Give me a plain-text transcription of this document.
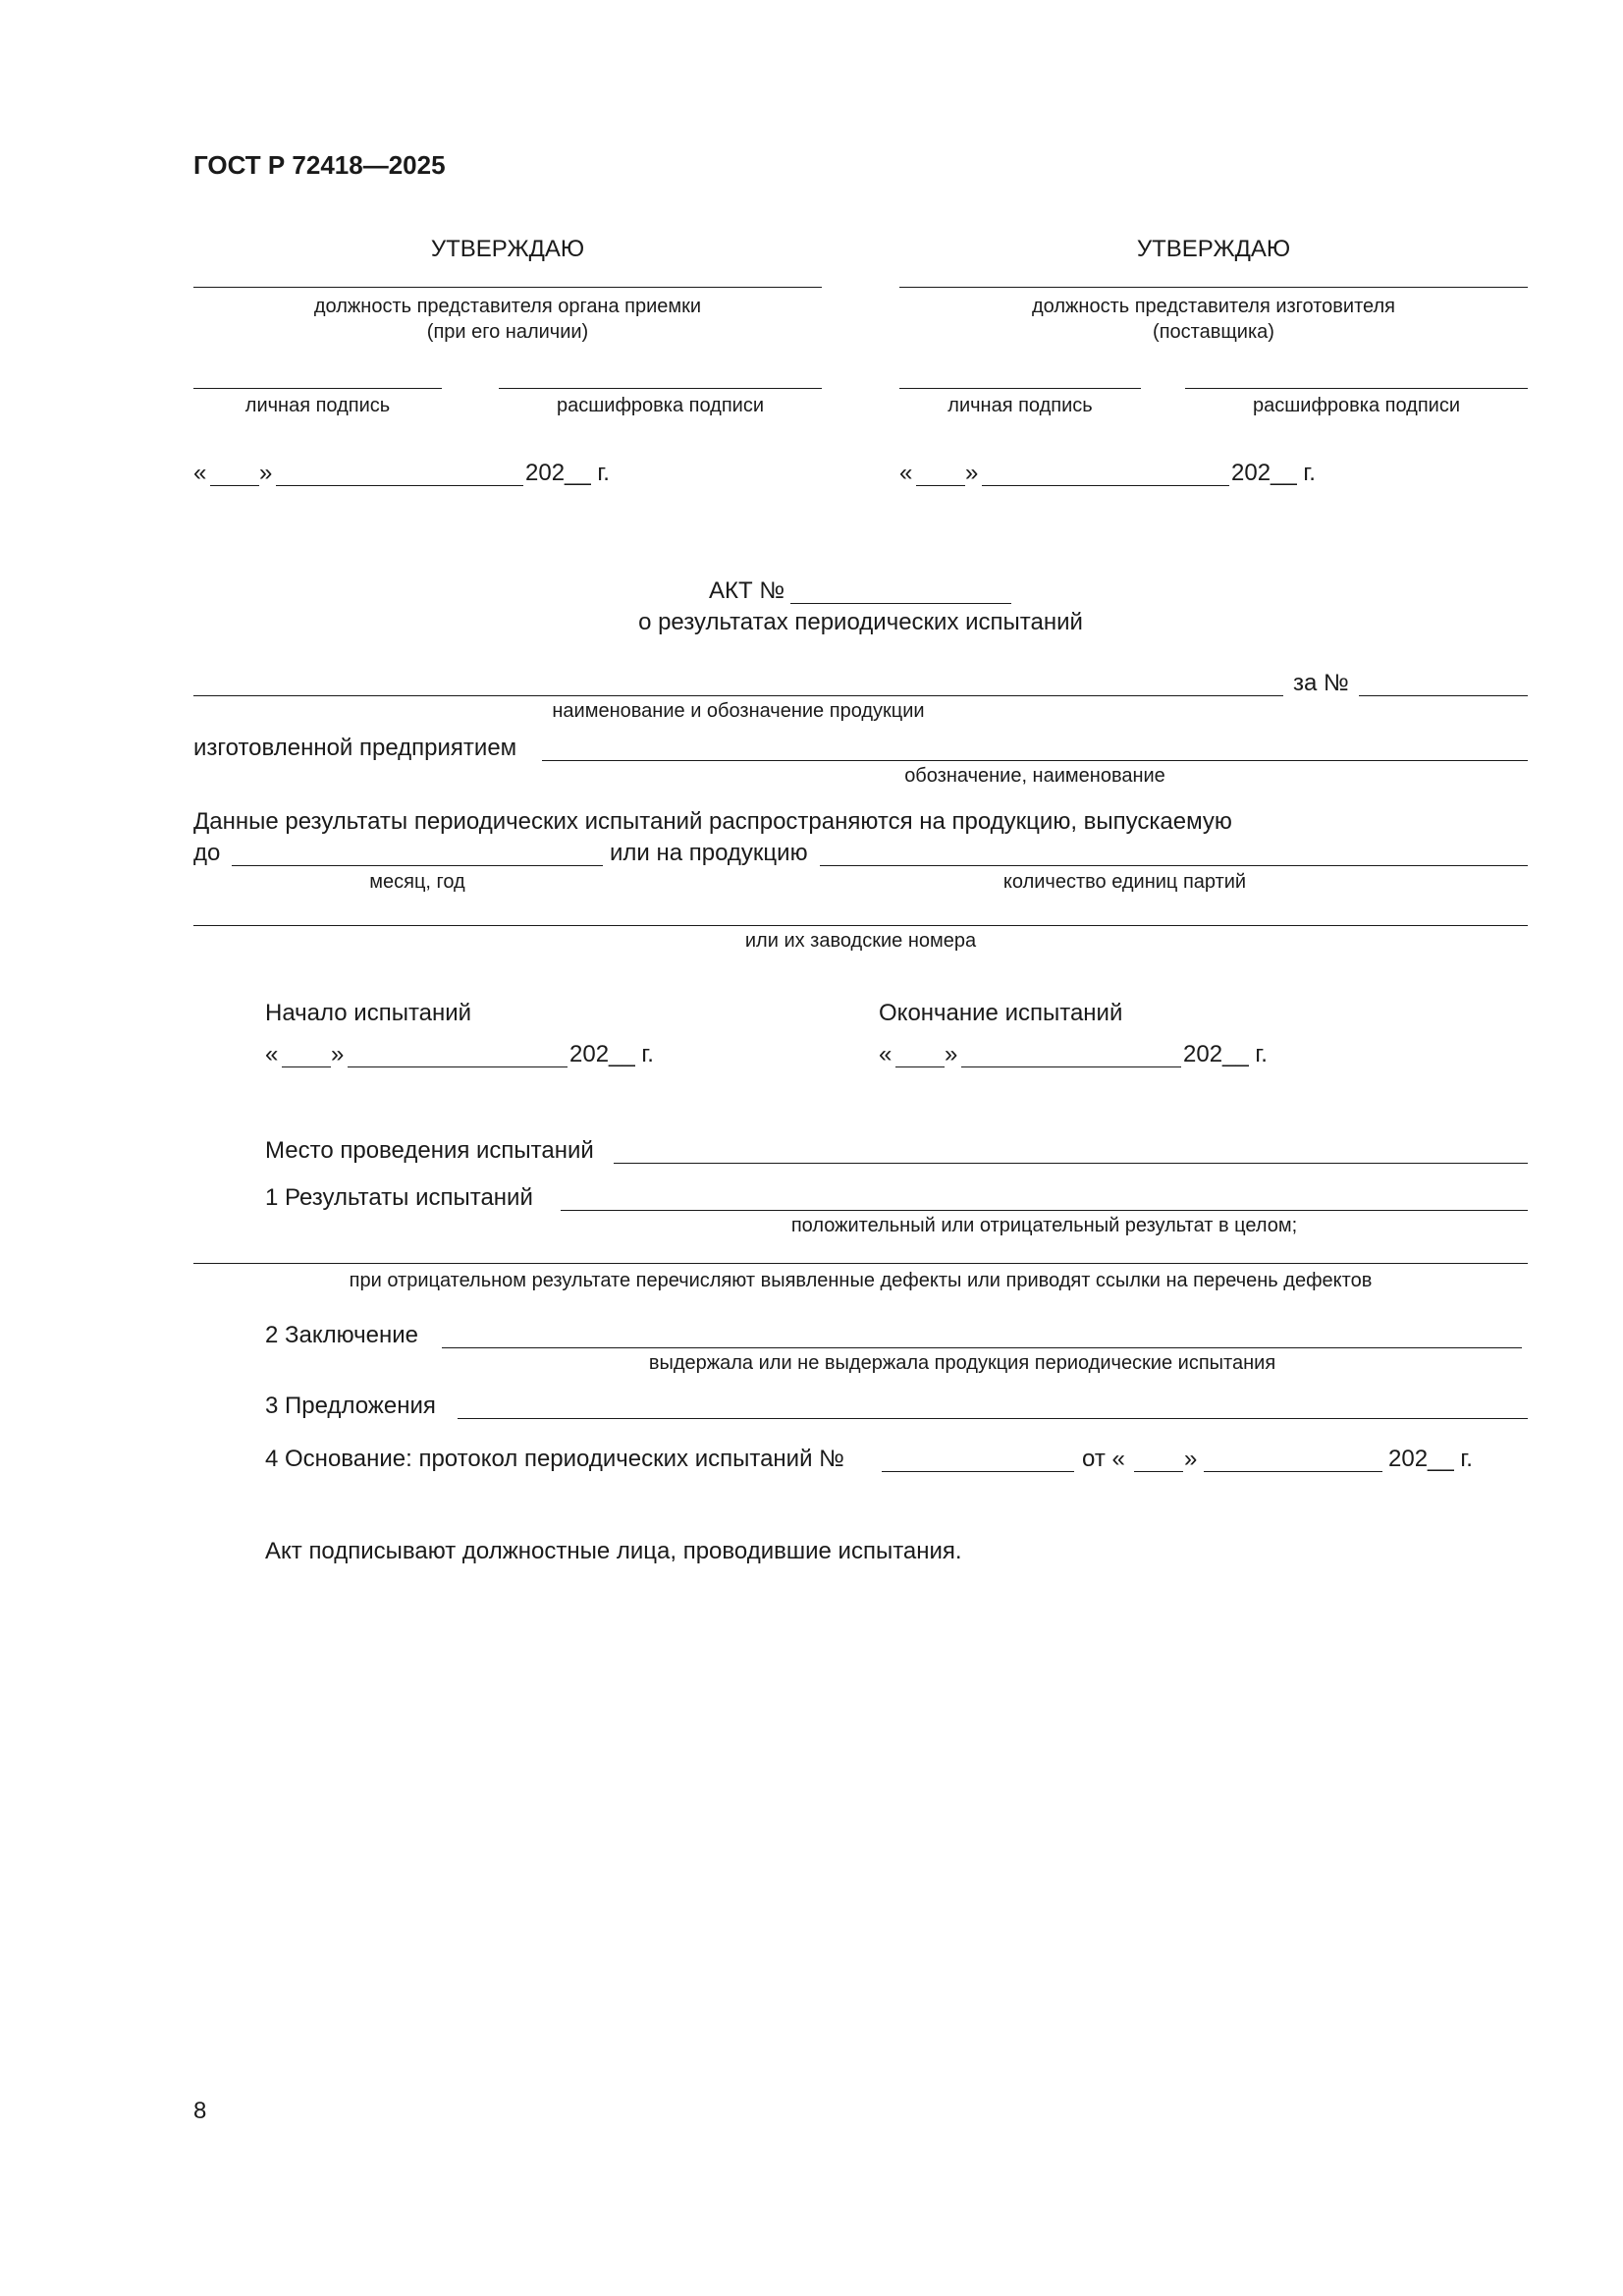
ГОСТ Р 72418—2025
УТВЕРЖДАЮ
должность представителя органа приемки
(при его наличии)
личная подпись	расшифровка подписи
« »	202__ г.
УТВЕРЖДАЮ
должность представителя изготовителя
(поставщика)
личная подпись	расшифровка подписи
« »	202__ г.
АКТ №
о результатах периодических испытаний
за №
наименование и обозначение продукции
изготовленной предприятием
обозначение, наименование
Данные результаты периодических испытаний распространяются на продукцию, выпускаемую
до	или на продукцию
месяц, год	количество единиц партий
или их заводские номера
Начало испытаний	Окончание испытаний
« »	202__ г.	« »	202__ г.
Место проведения испытаний
1 Результаты испытаний
положительный или отрицательный результат в целом;
при отрицательном результате перечисляют выявленные дефекты или приводят ссылки на перечень дефектов
2 Заключение
выдержала или не выдержала продукция периодические испытания
3 Предложения
4 Основание: протокол периодических испытаний №	от «	»	202__ г.
Акт подписывают должностные лица, проводившие испытания.
8
